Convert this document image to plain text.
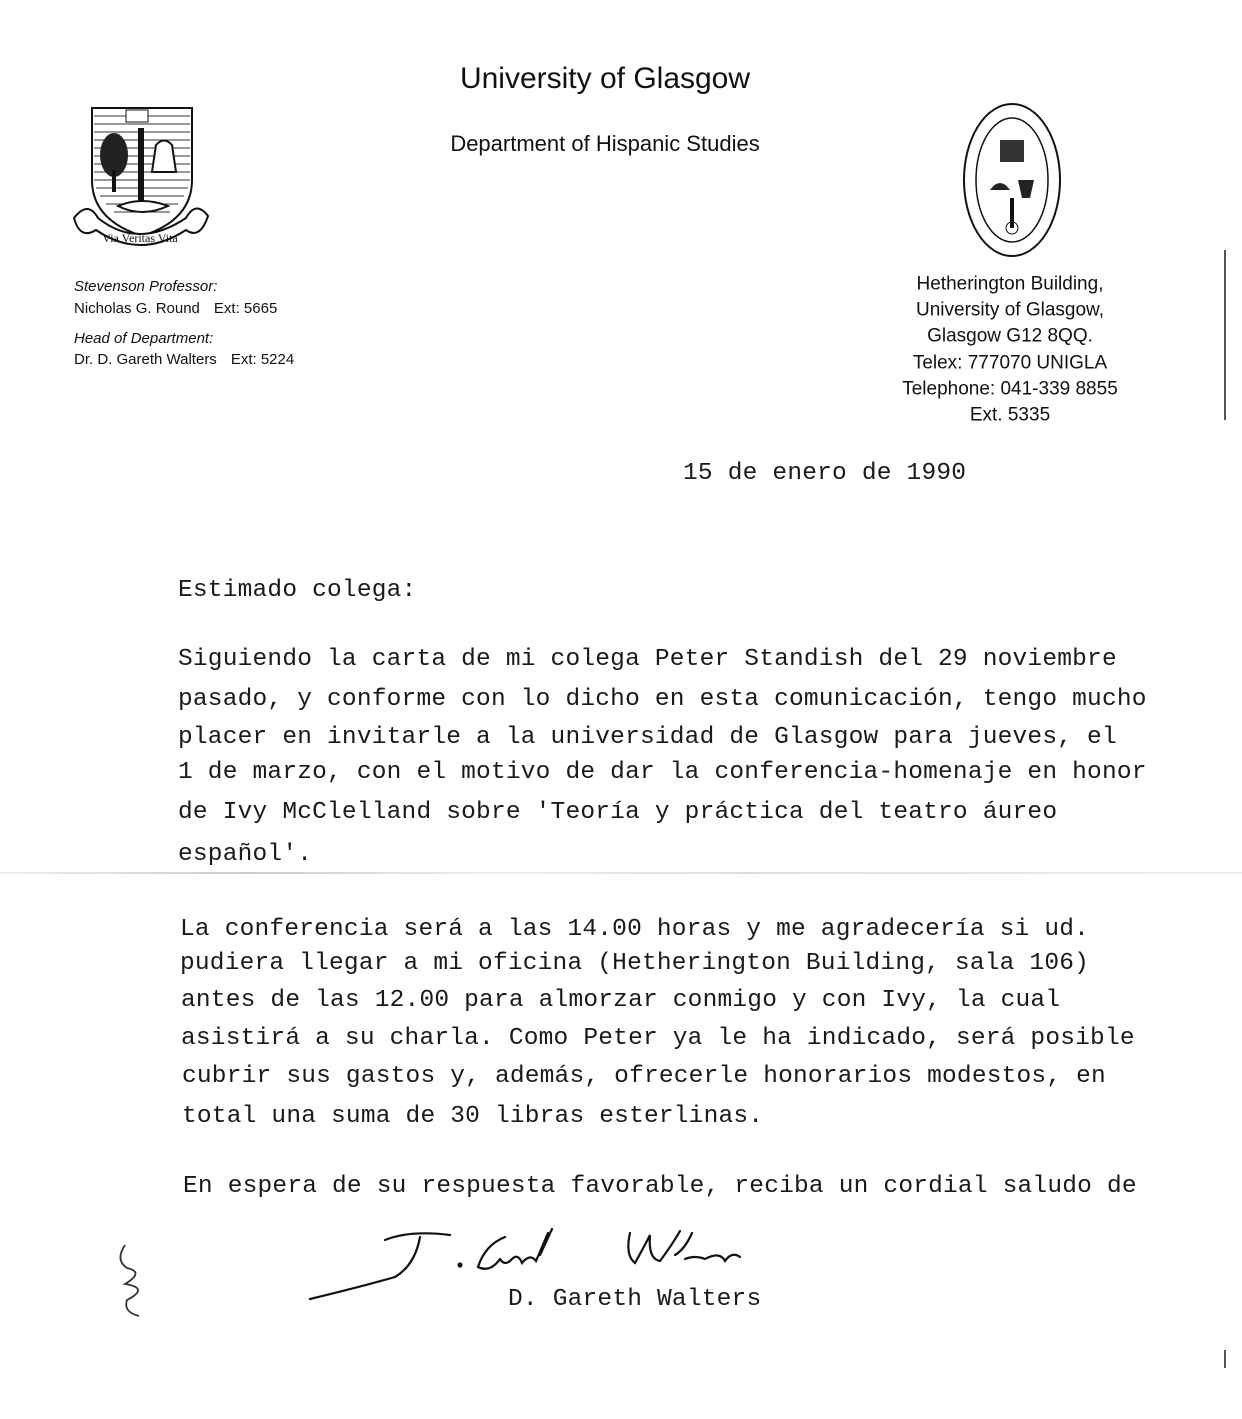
Via Veritas Vita
University of Glasgow
Department of Hispanic Studies
Stevenson Professor:
Nicholas G. Round Ext: 5665
Head of Department:
Dr. D. Gareth Walters Ext: 5224
Hetherington Building,
University of Glasgow,
Glasgow G12 8QQ.
Telex: 777070 UNIGLA
Telephone: 041-339 8855
Ext. 5335
15 de enero de 1990
Estimado colega:
Siguiendo la carta de mi colega Peter Standish del 29 noviembre
pasado, y conforme con lo dicho en esta comunicación, tengo mucho
placer en invitarle a la universidad de Glasgow para jueves, el
1 de marzo, con el motivo de dar la conferencia-homenaje en honor
de Ivy McClelland sobre 'Teoría y práctica del teatro áureo
español'.
La conferencia será a las 14.00 horas y me agradecería si ud.
pudiera llegar a mi oficina (Hetherington Building, sala 106)
antes de las 12.00 para almorzar conmigo y con Ivy, la cual
asistirá a su charla. Como Peter ya le ha indicado, será posible
cubrir sus gastos y, además, ofrecerle honorarios modestos, en
total una suma de 30 libras esterlinas.
En espera de su respuesta favorable, reciba un cordial saludo de
D. Gareth Walters
